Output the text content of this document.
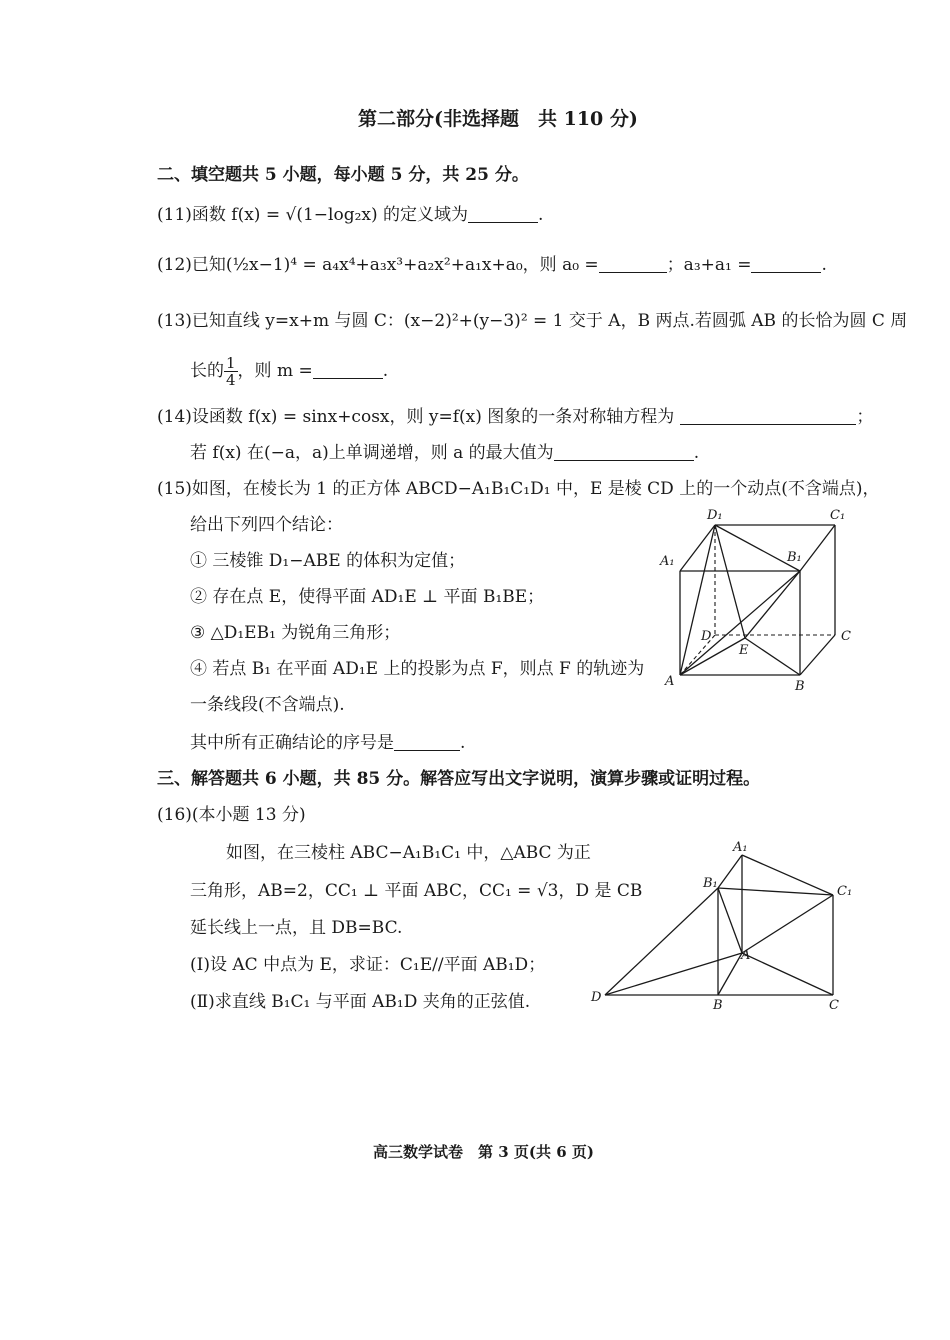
第二部分(非选择题　共 110 分)
二、填空题共 5 小题，每小题 5 分，共 25 分。
(11)函数 f(x) = √(1−log₂x) 的定义域为	.
(12)已知(½x−1)⁴ = a₄x⁴+a₃x³+a₂x²+a₁x+a₀，则 a₀ =	；a₃+a₁ =	.
(13)已知直线 y=x+m 与圆 C：(x−2)²+(y−3)² = 1 交于 A，B 两点.若圆弧 AB 的长恰为圆 C 周
长的 $\frac{1}{4}$ ，则 m =	.
(14)设函数 f(x) = sinx+cosx，则 y=f(x) 图象的一条对称轴方程为	；
若 f(x) 在(−a，a)上单调递增，则 a 的最大值为	.
(15)如图，在棱长为 1 的正方体 ABCD−A₁B₁C₁D₁ 中，E 是棱 CD 上的一个动点(不含端点)，
给出下列四个结论：
① 三棱锥 D₁−ABE 的体积为定值；
② 存在点 E，使得平面 AD₁E ⊥ 平面 B₁BE；
③ △D₁EB₁ 为锐角三角形；
④ 若点 B₁ 在平面 AD₁E 上的投影为点 F，则点 F 的轨迹为
一条线段(不含端点).
其中所有正确结论的序号是	.
D₁	C₁
A₁	B₁
D	C
E
A	B
三、解答题共 6 小题，共 85 分。解答应写出文字说明，演算步骤或证明过程。
(16)(本小题 13 分)
如图，在三棱柱 ABC−A₁B₁C₁ 中，△ABC 为正
三角形，AB=2，CC₁ ⊥ 平面 ABC，CC₁ = √3，D 是 CB
延长线上一点，且 DB=BC.
(Ⅰ)设 AC 中点为 E，求证：C₁E//平面 AB₁D；
(Ⅱ)求直线 B₁C₁ 与平面 AB₁D 夹角的正弦值.
A₁
B₁
C₁
A
D
B	C
高三数学试卷　第 3 页(共 6 页)
